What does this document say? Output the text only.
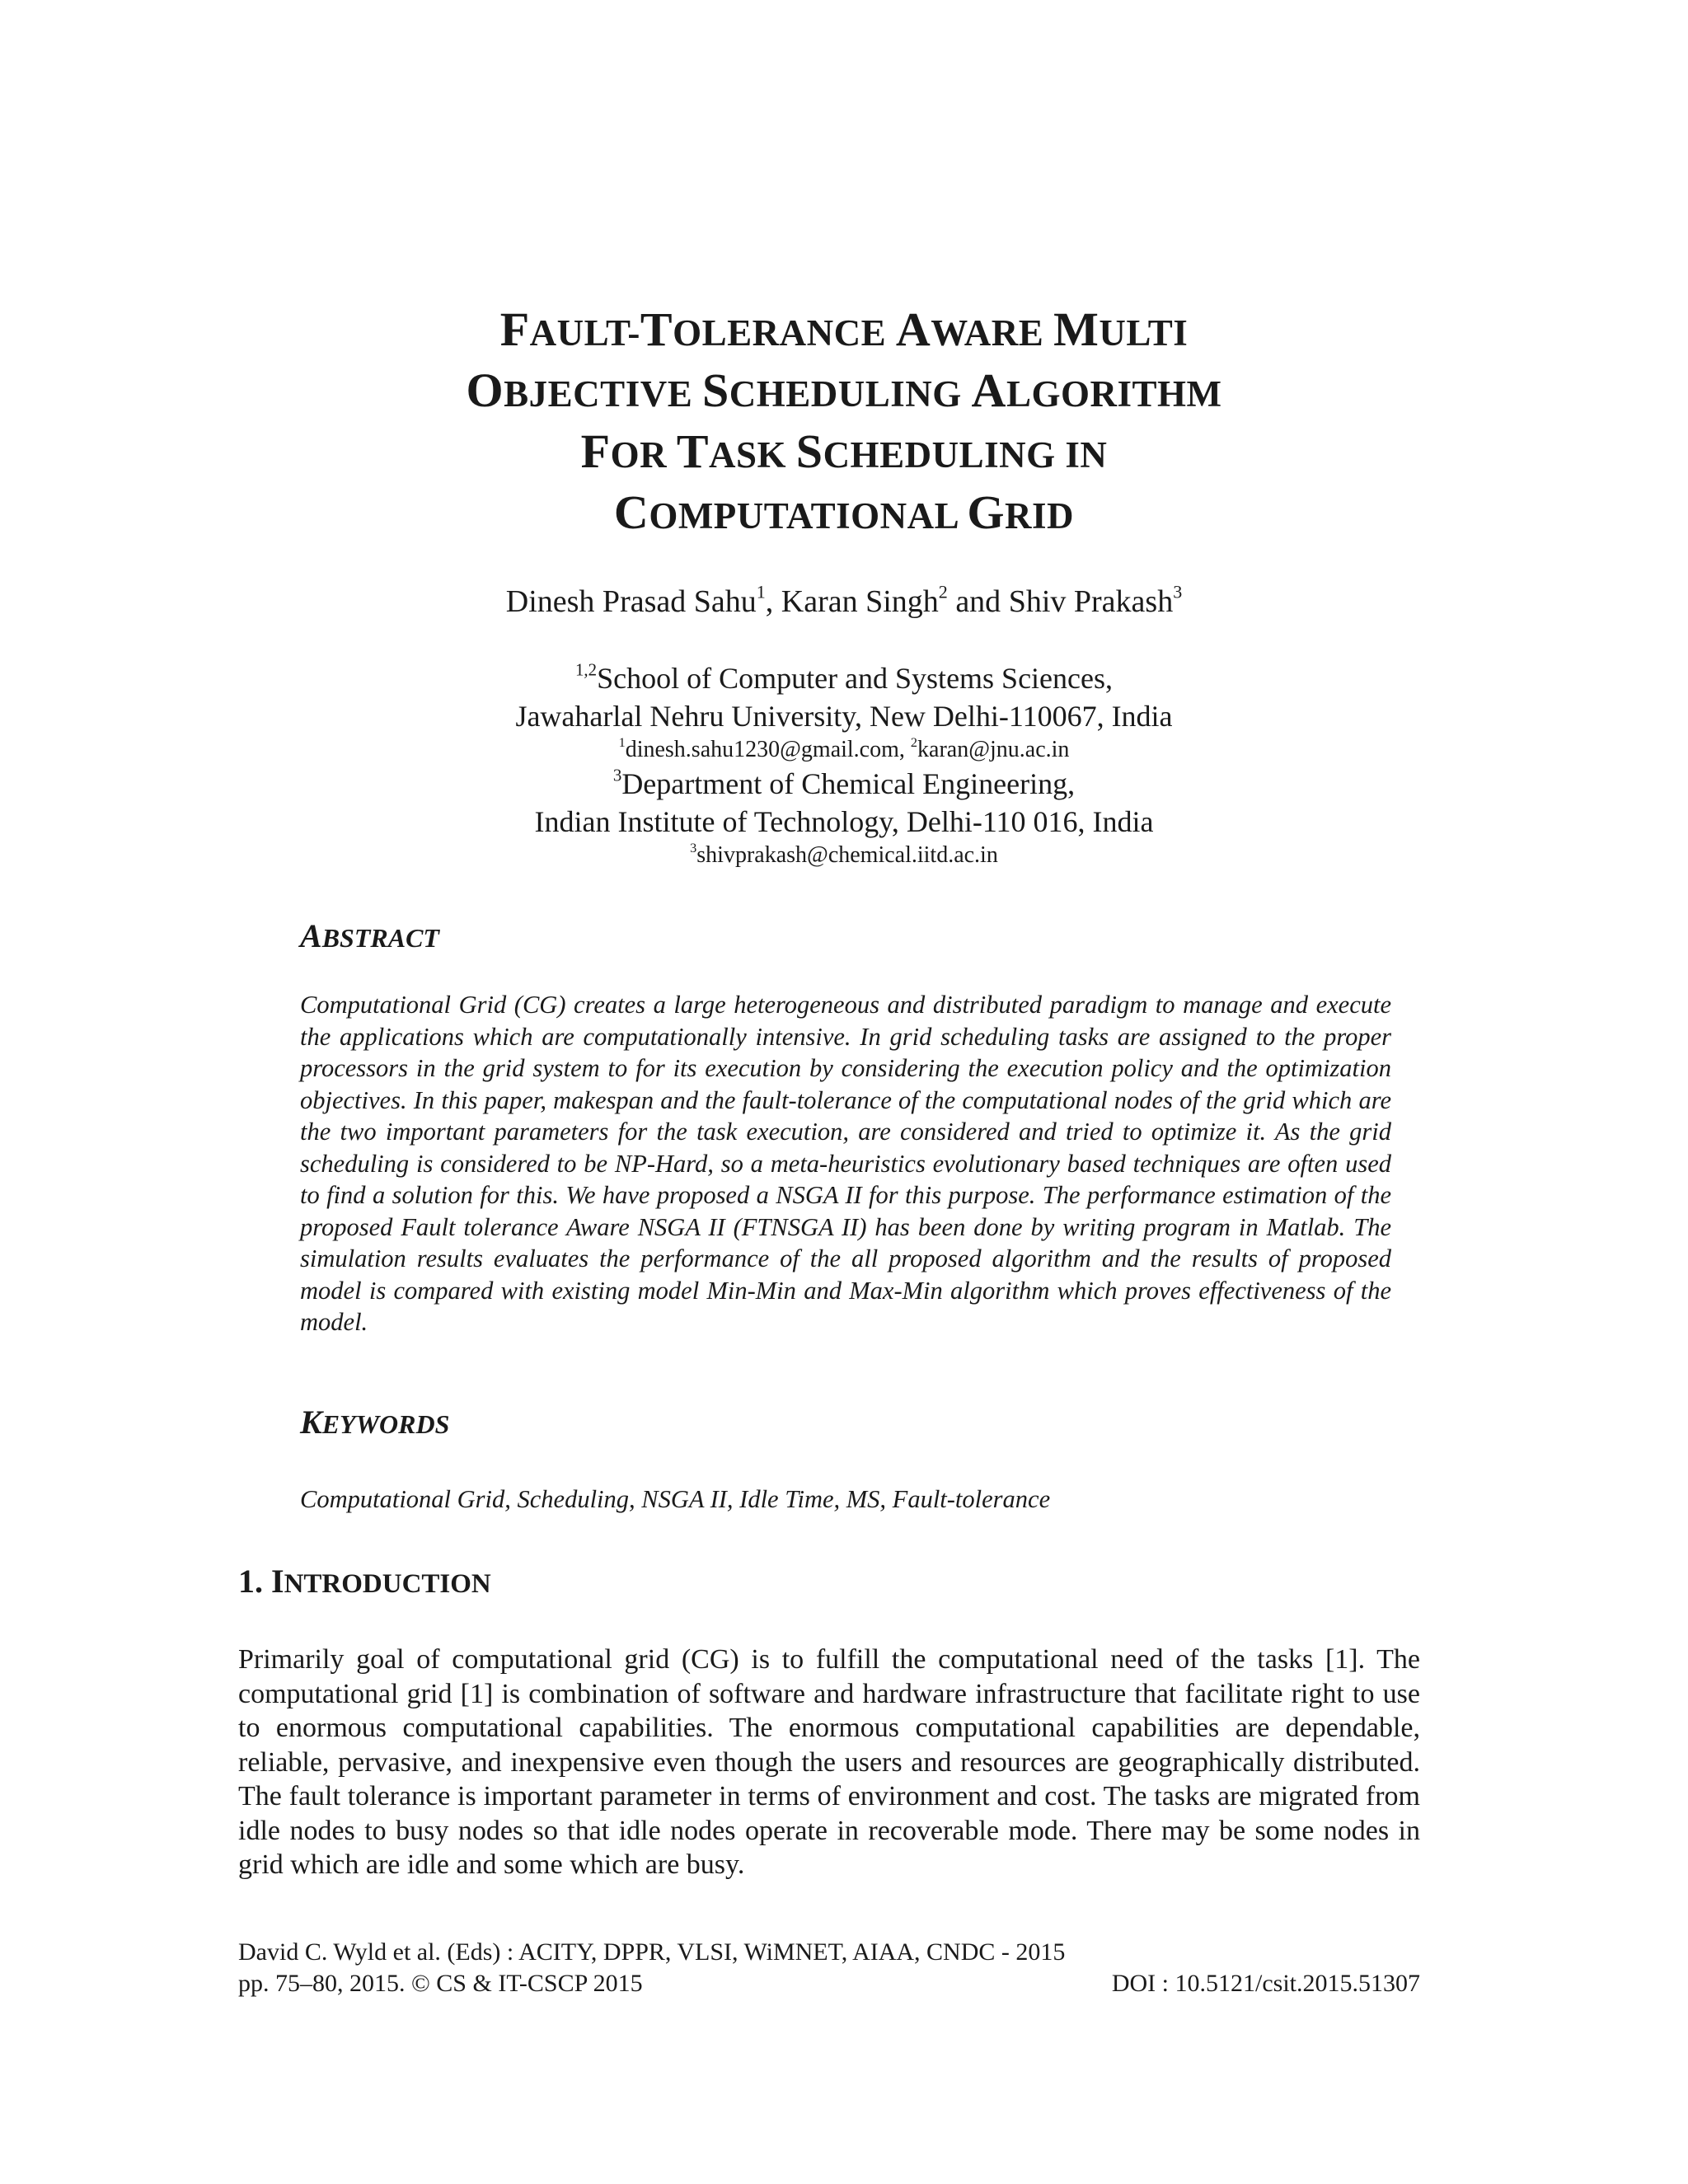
FAULT-TOLERANCE AWARE MULTI
OBJECTIVE SCHEDULING ALGORITHM
FOR TASK SCHEDULING IN
COMPUTATIONAL GRID
Dinesh Prasad Sahu$^1$, Karan Singh$^2$ and Shiv Prakash$^3$
$^{1,2}$School of Computer and Systems Sciences,
Jawaharlal Nehru University, New Delhi-110067, India
$^1$dinesh.sahu1230@gmail.com, $^2$karan@jnu.ac.in
$^3$Department of Chemical Engineering,
Indian Institute of Technology, Delhi-110 016, India
$^3$shivprakash@chemical.iitd.ac.in
ABSTRACT
Computational Grid (CG) creates a large heterogeneous and distributed paradigm to manage and execute the applications which are computationally intensive. In grid scheduling tasks are assigned to the proper processors in the grid system to for its execution by considering the execution policy and the optimization objectives. In this paper, makespan and the fault-tolerance of the computational nodes of the grid which are the two important parameters for the task execution, are considered and tried to optimize it. As the grid scheduling is considered to be NP-Hard, so a meta-heuristics evolutionary based techniques are often used to find a solution for this. We have proposed a NSGA II for this purpose. The performance estimation of the proposed Fault tolerance Aware NSGA II (FTNSGA II) has been done by writing program in Matlab. The simulation results evaluates the performance of the all proposed algorithm and the results of proposed model is compared with existing model Min-Min and Max-Min algorithm which proves effectiveness of the model.
KEYWORDS
Computational Grid, Scheduling, NSGA II, Idle Time, MS, Fault-tolerance
1. INTRODUCTION
Primarily goal of computational grid (CG) is to fulfill the computational need of the tasks [1]. The computational grid [1] is combination of software and hardware infrastructure that facilitate right to use to enormous computational capabilities. The enormous computational capabilities are dependable, reliable, pervasive, and inexpensive even though the users and resources are geographically distributed. The fault tolerance is important parameter in terms of environment and cost. The tasks are migrated from idle nodes to busy nodes so that idle nodes operate in recoverable mode. There may be some nodes in grid which are idle and some which are busy.
David C. Wyld et al. (Eds) : ACITY, DPPR, VLSI, WiMNET, AIAA, CNDC - 2015
pp. 75–80, 2015. © CS & IT-CSCP 2015	DOI : 10.5121/csit.2015.51307
